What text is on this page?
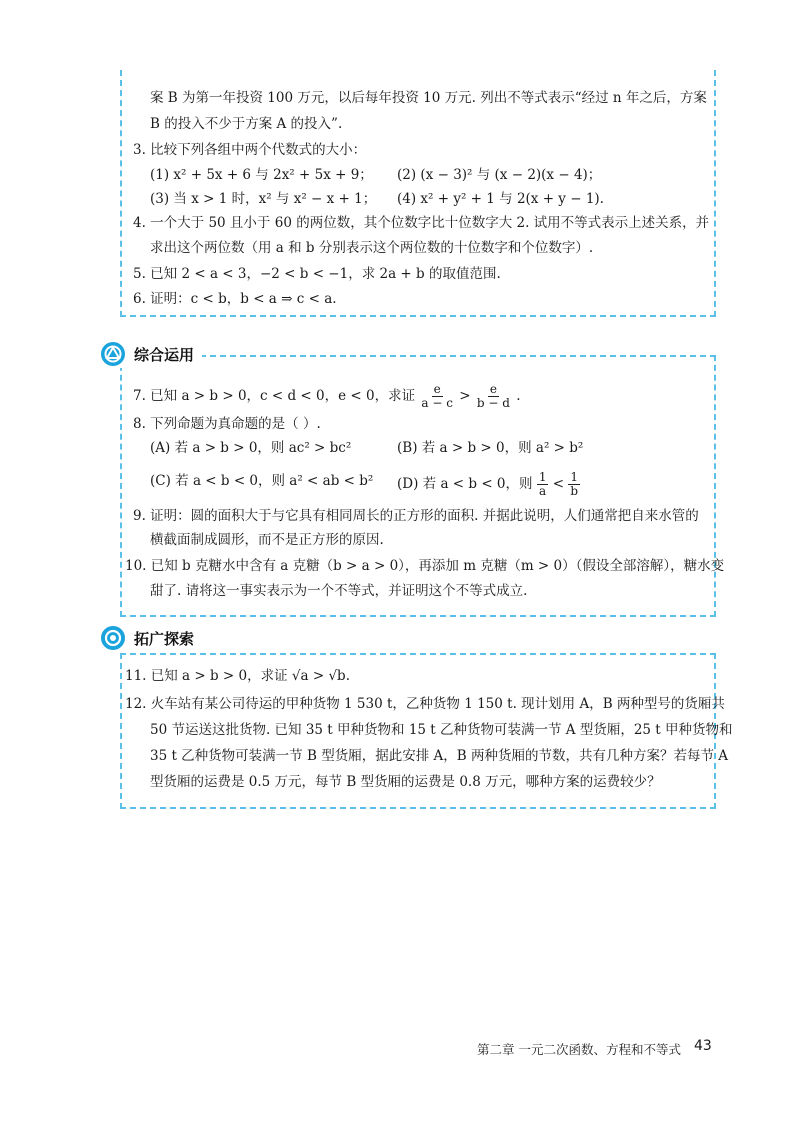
案 B 为第一年投资 100 万元，以后每年投资 10 万元. 列出不等式表示“经过 n 年之后，方案
B 的投入不少于方案 A 的投入”.
3. 比较下列各组中两个代数式的大小：
(1) x² + 5x + 6 与 2x² + 5x + 9； (2) (x − 3)² 与 (x − 2)(x − 4)；
(3) 当 x > 1 时，x² 与 x² − x + 1； (4) x² + y² + 1 与 2(x + y − 1).
4. 一个大于 50 且小于 60 的两位数，其个位数字比十位数字大 2. 试用不等式表示上述关系，并
求出这个两位数（用 a 和 b 分别表示这个两位数的十位数字和个位数字）.
5. 已知 2 < a < 3，−2 < b < −1，求 2a + b 的取值范围.
6. 证明：c < b，b < a ⇒ c < a.
综合运用
7. 已知 a > b > 0，c < d < 0，e < 0，求证 $\frac{e}{a - c} > \frac{e}{b - d}$ .
8. 下列命题为真命题的是（ ）.
(A) 若 a > b > 0，则 ac² > bc²	(B) 若 a > b > 0，则 a² > b²
(C) 若 a < b < 0，则 a² < ab < b² (D) 若 a < b < 0，则 $\frac{1}{a} < \frac{1}{b}$
9. 证明：圆的面积大于与它具有相同周长的正方形的面积. 并据此说明，人们通常把自来水管的
横截面制成圆形，而不是正方形的原因.
10. 已知 b 克糖水中含有 a 克糖（b > a > 0），再添加 m 克糖（m > 0）（假设全部溶解），糖水变
甜了. 请将这一事实表示为一个不等式，并证明这个不等式成立.
拓广探索
11. 已知 a > b > 0，求证 √a > √b.
12. 火车站有某公司待运的甲种货物 1 530 t，乙种货物 1 150 t. 现计划用 A，B 两种型号的货厢共
50 节运送这批货物. 已知 35 t 甲种货物和 15 t 乙种货物可装满一节 A 型货厢，25 t 甲种货物和
35 t 乙种货物可装满一节 B 型货厢，据此安排 A，B 两种货厢的节数，共有几种方案？若每节 A
型货厢的运费是 0.5 万元，每节 B 型货厢的运费是 0.8 万元，哪种方案的运费较少？
第二章 一元二次函数、方程和不等式 43
